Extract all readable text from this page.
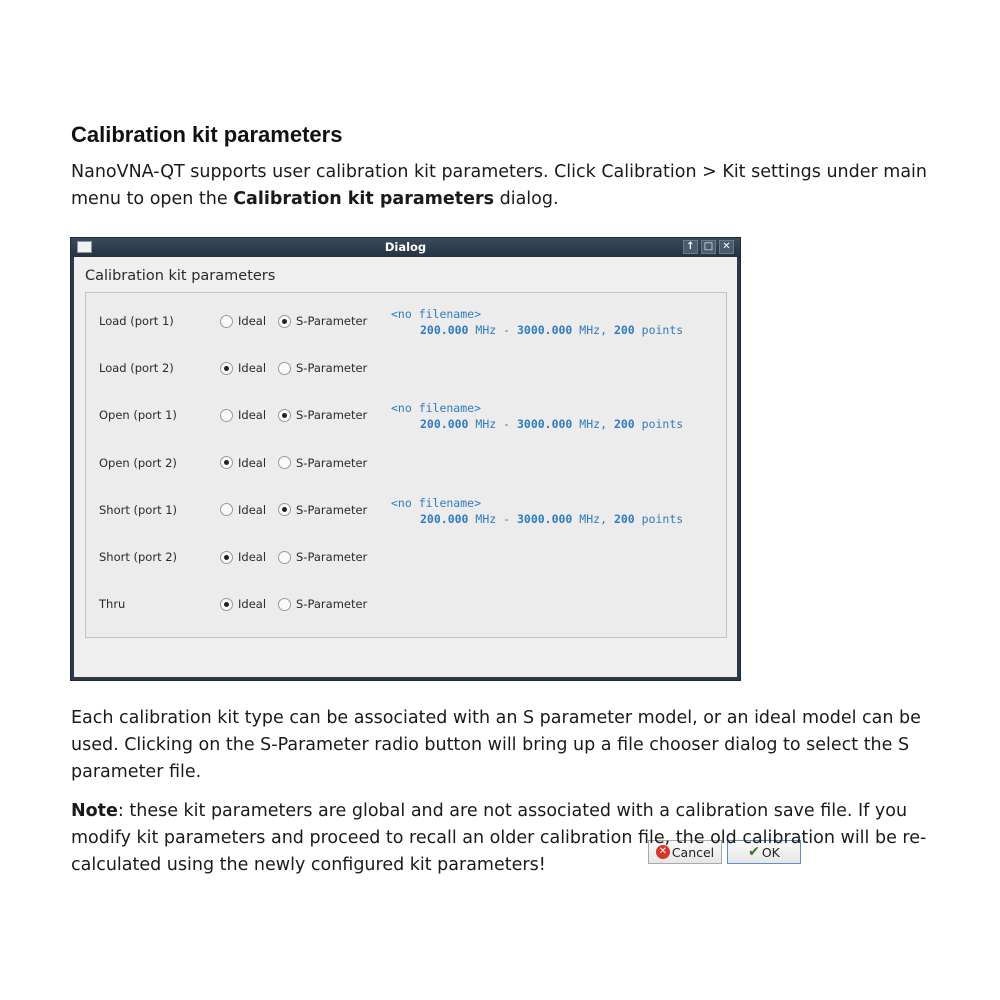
Calibration kit parameters

NanoVNA-QT supports user calibration kit parameters. Click Calibration > Kit settings under main menu to open the Calibration kit parameters dialog.

Dialog	↑ □ ✕
Calibration kit parameters
Load (port 1)	Ideal	S-Parameter <no filename>
200.000 MHz - 3000.000 MHz, 200 points
Load (port 2)	Ideal	S-Parameter
Open (port 1)	Ideal	S-Parameter <no filename>
200.000 MHz - 3000.000 MHz, 200 points
Open (port 2)	Ideal	S-Parameter
Short (port 1)	Ideal	S-Parameter <no filename>
200.000 MHz - 3000.000 MHz, 200 points
Short (port 2)	Ideal	S-Parameter
Thru	Ideal	S-Parameter
✕ Cancel ✔ OK

Each calibration kit type can be associated with an S parameter model, or an ideal model can be used. Clicking on the S-Parameter radio button will bring up a file chooser dialog to select the S parameter file.

Note: these kit parameters are global and are not associated with a calibration save file. If you modify kit parameters and proceed to recall an older calibration file, the old calibration will be re-calculated using the newly configured kit parameters!
